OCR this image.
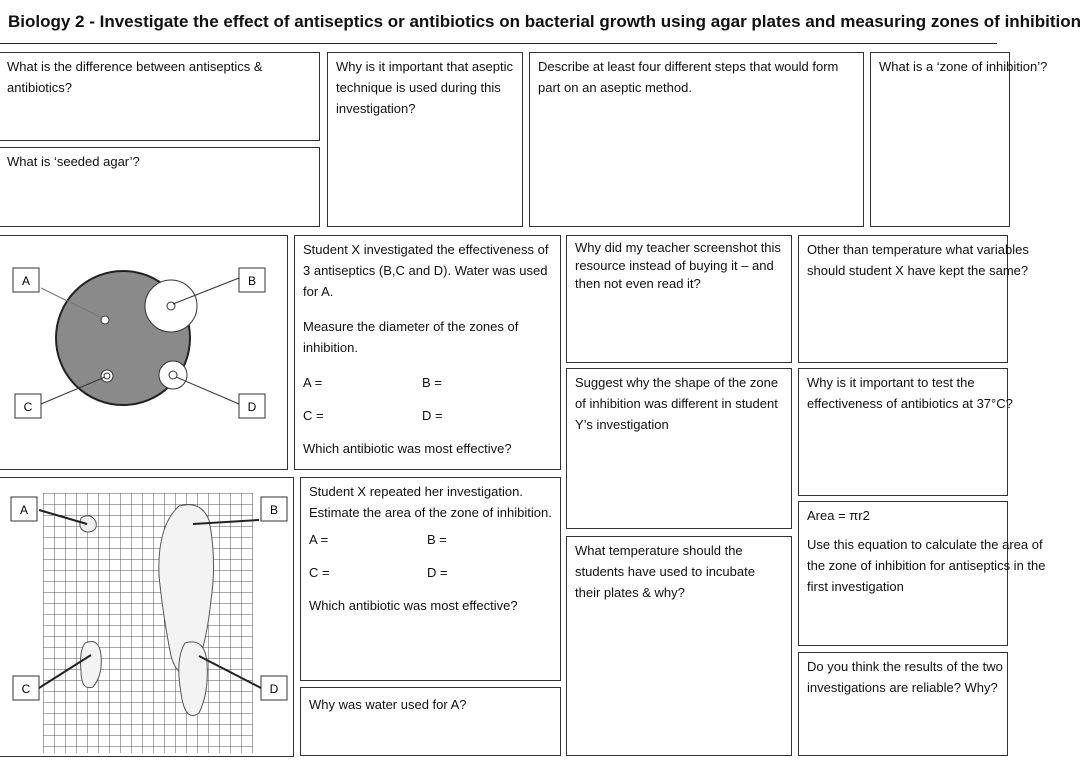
Biology 2 - Investigate the effect of antiseptics or antibiotics on bacterial growth using agar plates and measuring zones of inhibition
What is the difference between antiseptics & antibiotics?
Why is it important that aseptic technique is used during this investigation?
Describe at least four different steps that would form part on an aseptic method.
What is a ‘zone of inhibition’?
What is ‘seeded agar’?
A	B
C	D
Student X investigated the effectiveness of 3 antiseptics (B,C and D). Water was used for A.
Measure the diameter of the zones of inhibition.
A =	B =
C =	D =
Which antibiotic was most effective?
Why did my teacher screenshot this resource instead of buying it – and then not even read it?
Other than temperature what variables should student X have kept the same?
Suggest why the shape of the zone of inhibition was different in student Y’s investigation
Why is it important to test the effectiveness of antibiotics at 37°C?
A	B
C	D
Student X repeated her investigation. Estimate the area of the zone of inhibition.
A =	B =
C =	D =
Which antibiotic was most effective?
What temperature should the students have used to incubate their plates & why?
Area = πr2
Use this equation to calculate the area of the zone of inhibition for antiseptics in the first investigation
Do you think the results of the two investigations are reliable? Why?
Why was water used for A?
